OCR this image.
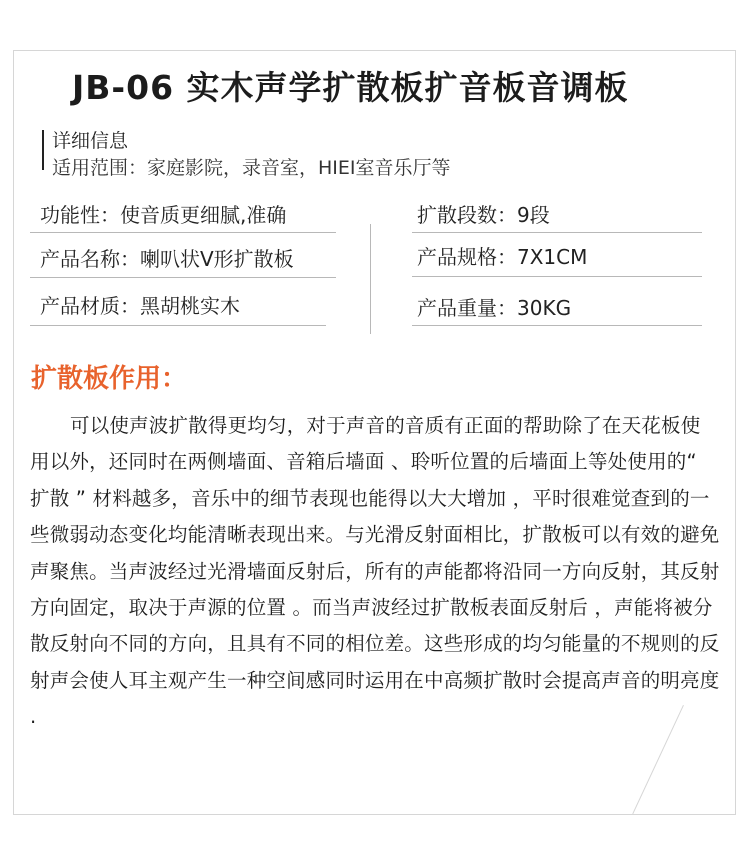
JB-06 实木声学扩散板扩音板音调板
详细信息
适用范围：家庭影院，录音室，HIEI室音乐厅等
功能性：使音质更细腻,准确
产品名称：喇叭状V形扩散板
产品材质：黑胡桃实木
扩散段数：9段
产品规格：7X1CM
产品重量：30KG
扩散板作用：
可以使声波扩散得更均匀，对于声音的音质有正面的帮助除了在天花板使用以外，还同时在两侧墙面、音箱后墙面 、聆听位置的后墙面上等处使用的“ 扩散 ” 材料越多，音乐中的细节表现也能得以大大增加 ，平时很难觉查到的一些微弱动态变化均能清晰表现出来。与光滑反射面相比，扩散板可以有效的避免声聚焦。当声波经过光滑墙面反射后，所有的声能都将沿同一方向反射，其反射方向固定，取决于声源的位置 。而当声波经过扩散板表面反射后 ，声能将被分散反射向不同的方向，且具有不同的相位差。这些形成的均匀能量的不规则的反射声会使人耳主观产生一种空间感同时运用在中高频扩散时会提高声音的明亮度 .
